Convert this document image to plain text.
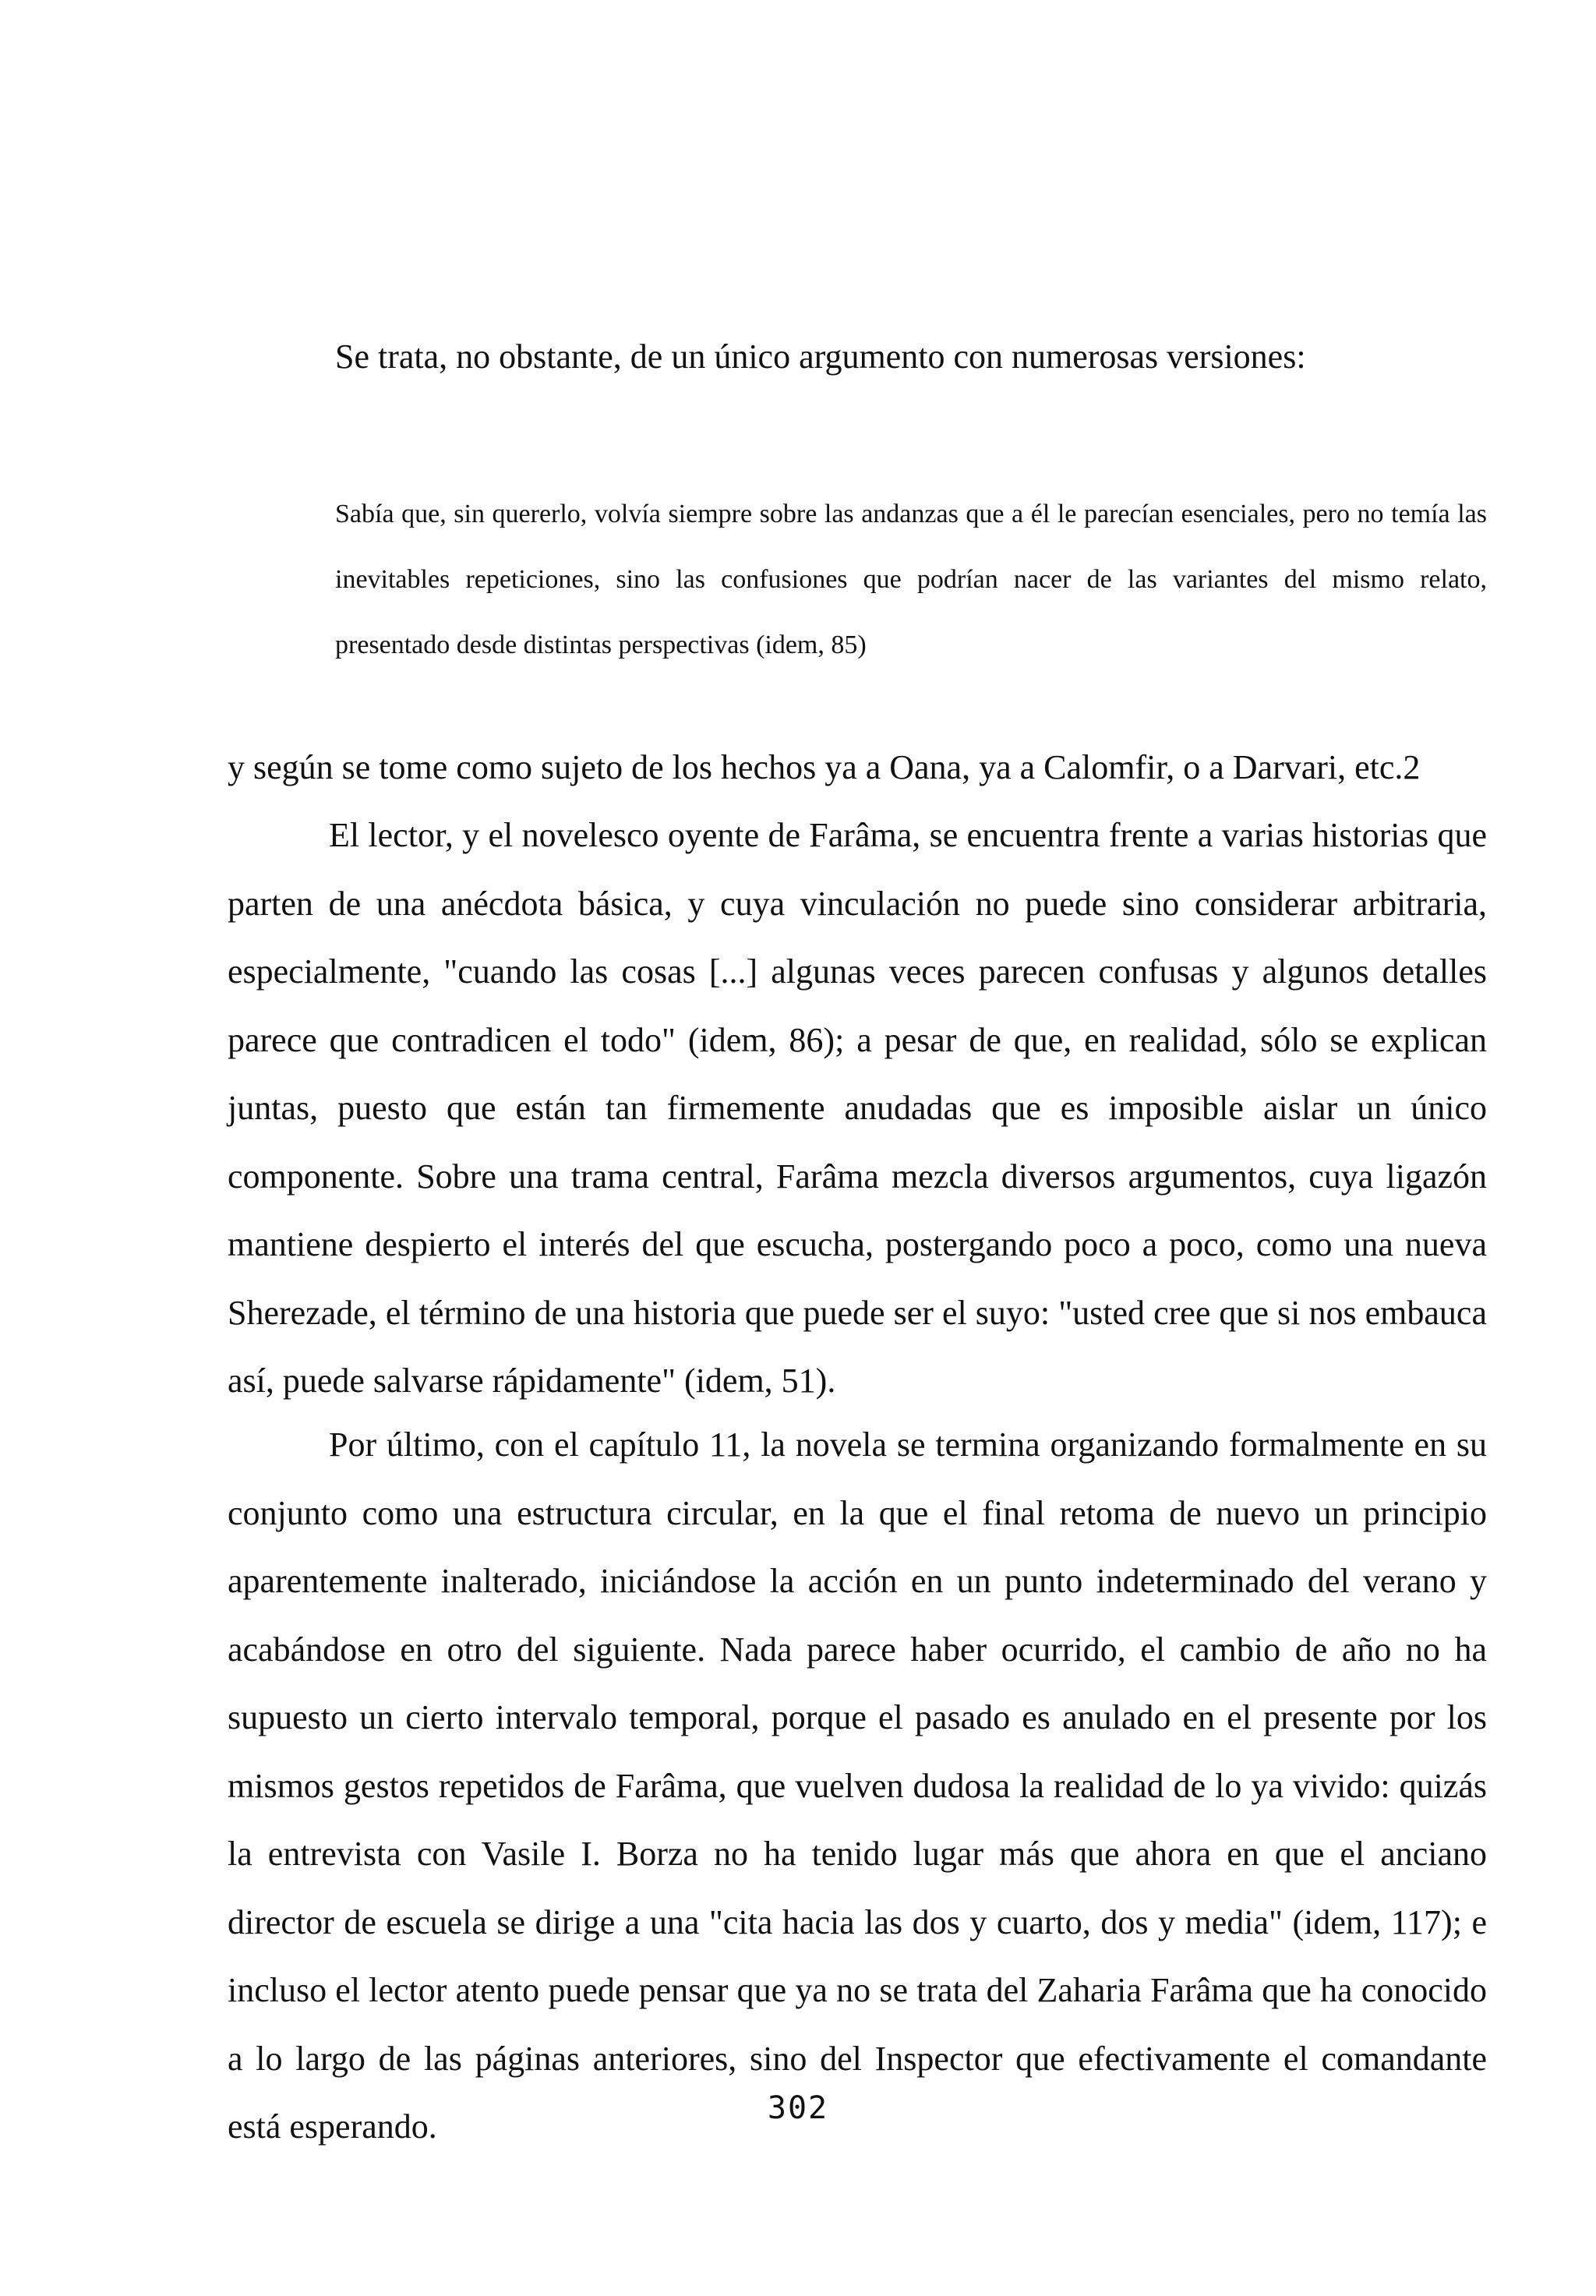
Se trata, no obstante, de un único argumento con numerosas versiones:

Sabía que, sin quererlo, volvía siempre sobre las andanzas que a él le parecían esenciales, pero no temía las inevitables repeticiones, sino las confusiones que podrían nacer de las variantes del mismo relato, presentado desde distintas perspectivas (idem, 85)

y según se tome como sujeto de los hechos ya a Oana, ya a Calomfir, o a Darvari, etc.2

El lector, y el novelesco oyente de Farâma, se encuentra frente a varias historias que parten de una anécdota básica, y cuya vinculación no puede sino considerar arbitraria, especialmente, "cuando las cosas [...] algunas veces parecen confusas y algunos detalles parece que contradicen el todo" (idem, 86); a pesar de que, en realidad, sólo se explican juntas, puesto que están tan firmemente anudadas que es imposible aislar un único componente. Sobre una trama central, Farâma mezcla diversos argumentos, cuya ligazón mantiene despierto el interés del que escucha, postergando poco a poco, como una nueva Sherezade, el término de una historia que puede ser el suyo: "usted cree que si nos embauca así, puede salvarse rápidamente" (idem, 51).

Por último, con el capítulo 11, la novela se termina organizando formalmente en su conjunto como una estructura circular, en la que el final retoma de nuevo un principio aparentemente inalterado, iniciándose la acción en un punto indeterminado del verano y acabándose en otro del siguiente. Nada parece haber ocurrido, el cambio de año no ha supuesto un cierto intervalo temporal, porque el pasado es anulado en el presente por los mismos gestos repetidos de Farâma, que vuelven dudosa la realidad de lo ya vivido: quizás la entrevista con Vasile I. Borza no ha tenido lugar más que ahora en que el anciano director de escuela se dirige a una "cita hacia las dos y cuarto, dos y media" (idem, 117); e incluso el lector atento puede pensar que ya no se trata del Zaharia Farâma que ha conocido a lo largo de las páginas anteriores, sino del Inspector que efectivamente el comandante está esperando.	302
